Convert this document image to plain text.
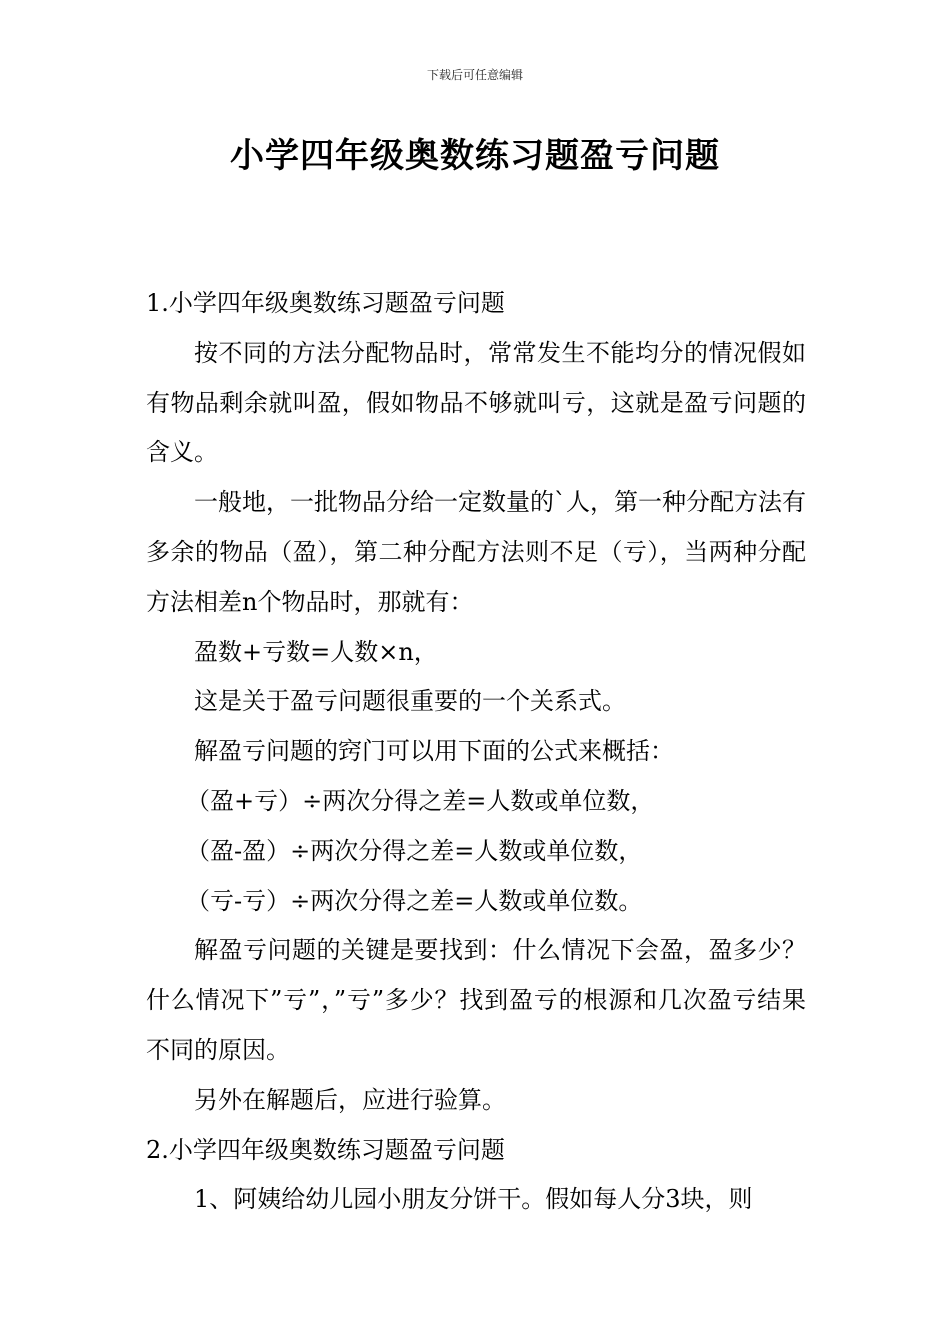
下载后可任意编辑
小学四年级奥数练习题盈亏问题
1.小学四年级奥数练习题盈亏问题
按不同的方法分配物品时，常常发生不能均分的情况假如有物品剩余就叫盈，假如物品不够就叫亏，这就是盈亏问题的含义。
一般地，一批物品分给一定数量的`人，第一种分配方法有多余的物品（盈），第二种分配方法则不足（亏），当两种分配方法相差n个物品时，那就有：
盈数+亏数=人数×n，
这是关于盈亏问题很重要的一个关系式。
解盈亏问题的窍门可以用下面的公式来概括：
（盈+亏）÷两次分得之差=人数或单位数，
（盈-盈）÷两次分得之差=人数或单位数，
（亏-亏）÷两次分得之差=人数或单位数。
解盈亏问题的关键是要找到：什么情况下会盈，盈多少？什么情况下”亏”，”亏”多少？找到盈亏的根源和几次盈亏结果不同的原因。
另外在解题后，应进行验算。
2.小学四年级奥数练习题盈亏问题
1、阿姨给幼儿园小朋友分饼干。假如每人分3块，则
